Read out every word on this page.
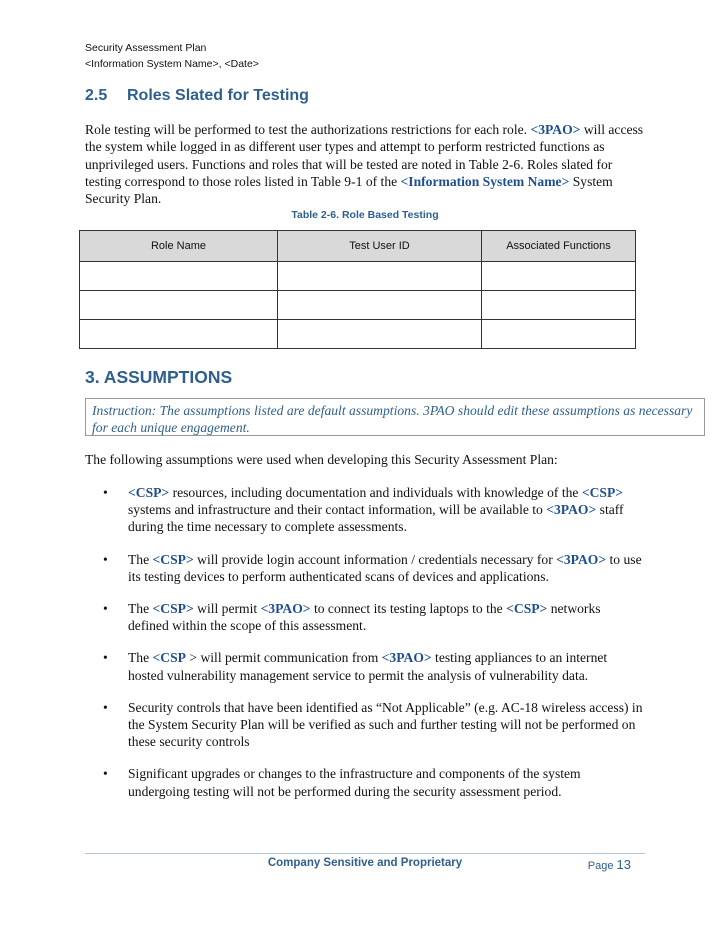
Security Assessment Plan
<Information System Name>, <Date>
2.5 Roles Slated for Testing
Role testing will be performed to test the authorizations restrictions for each role. <3PAO> will access the system while logged in as different user types and attempt to perform restricted functions as unprivileged users. Functions and roles that will be tested are noted in Table 2-6. Roles slated for testing correspond to those roles listed in Table 9-1 of the <Information System Name> System Security Plan.
Table 2-6. Role Based Testing
Role Name	Test User ID	Associated Functions

3. ASSUMPTIONS
Instruction: The assumptions listed are default assumptions. 3PAO should edit these assumptions as necessary for each unique engagement.
The following assumptions were used when developing this Security Assessment Plan:
• <CSP> resources, including documentation and individuals with knowledge of the <CSP> systems and infrastructure and their contact information, will be available to <3PAO> staff during the time necessary to complete assessments.
• The <CSP> will provide login account information / credentials necessary for <3PAO> to use its testing devices to perform authenticated scans of devices and applications.
• The <CSP> will permit <3PAO> to connect its testing laptops to the <CSP> networks defined within the scope of this assessment.
• The <CSP > will permit communication from <3PAO> testing appliances to an internet hosted vulnerability management service to permit the analysis of vulnerability data.
• Security controls that have been identified as “Not Applicable” (e.g. AC-18 wireless access) in the System Security Plan will be verified as such and further testing will not be performed on these security controls
• Significant upgrades or changes to the infrastructure and components of the system undergoing testing will not be performed during the security assessment period.
Company Sensitive and Proprietary	Page 13
